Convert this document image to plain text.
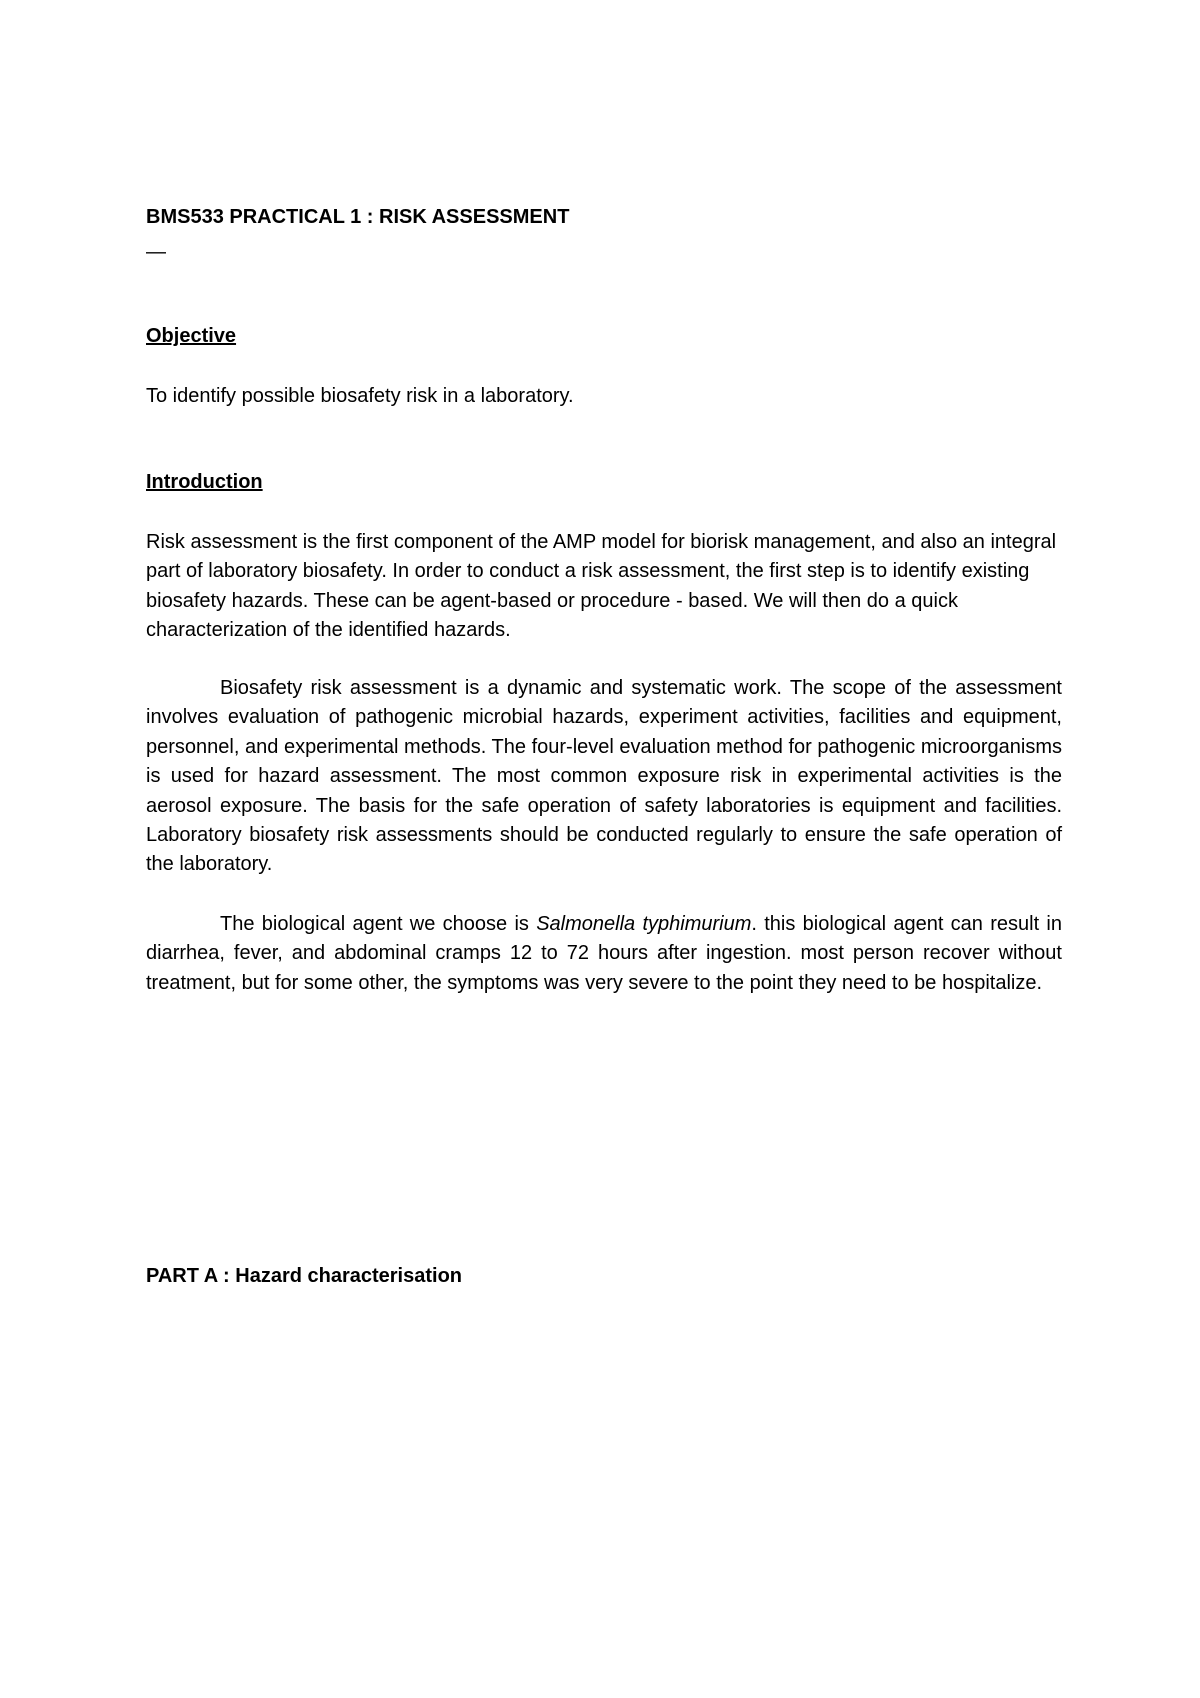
BMS533 PRACTICAL 1 : RISK ASSESSMENT
—
Objective

To identify possible biosafety risk in a laboratory.

Introduction

Risk assessment is the first component of the AMP model for biorisk management, and also an integral part of laboratory biosafety. In order to conduct a risk assessment, the first step is to identify existing biosafety hazards. These can be agent-based or procedure - based. We will then do a quick characterization of the identified hazards.

Biosafety risk assessment is a dynamic and systematic work. The scope of the assessment involves evaluation of pathogenic microbial hazards, experiment activities, facilities and equipment, personnel, and experimental methods. The four-level evaluation method for pathogenic microorganisms is used for hazard assessment. The most common exposure risk in experimental activities is the aerosol exposure. The basis for the safe operation of safety laboratories is equipment and facilities. Laboratory biosafety risk assessments should be conducted regularly to ensure the safe operation of the laboratory.

The biological agent we choose is Salmonella typhimurium. this biological agent can result in diarrhea, fever, and abdominal cramps 12 to 72 hours after ingestion. most person recover without treatment, but for some other, the symptoms was very severe to the point they need to be hospitalize.

PART A : Hazard characterisation
